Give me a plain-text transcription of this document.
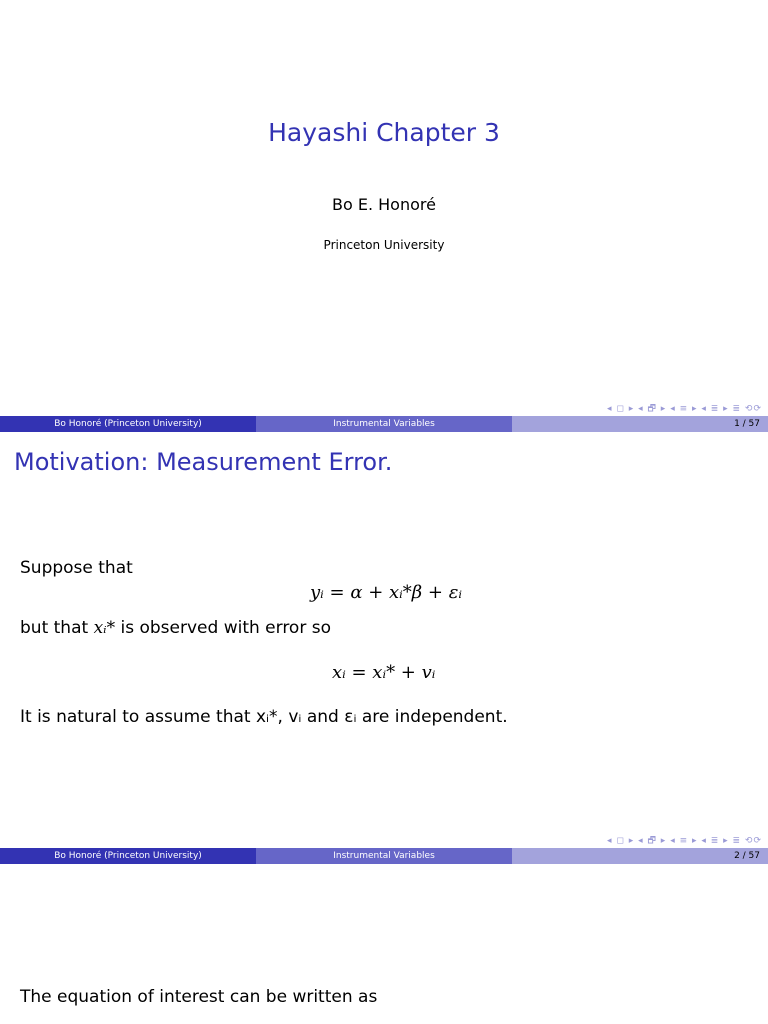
Hayashi Chapter 3
Bo E. Honoré
Princeton University
◂ ◻ ▸ ◂ 🗗 ▸ ◂ ≡ ▸ ◂ ≣ ▸ ≣ ⟲⟳
Bo Honoré (Princeton University)	Instrumental Variables	1 / 57
Motivation: Measurement Error.
Suppose that
yᵢ = α + xᵢ*β + εᵢ
but that xᵢ* is observed with error so
xᵢ = xᵢ* + vᵢ
It is natural to assume that xᵢ*, vᵢ and εᵢ are independent.
◂ ◻ ▸ ◂ 🗗 ▸ ◂ ≡ ▸ ◂ ≣ ▸ ≣ ⟲⟳
Bo Honoré (Princeton University)	Instrumental Variables	2 / 57
The equation of interest can be written as
